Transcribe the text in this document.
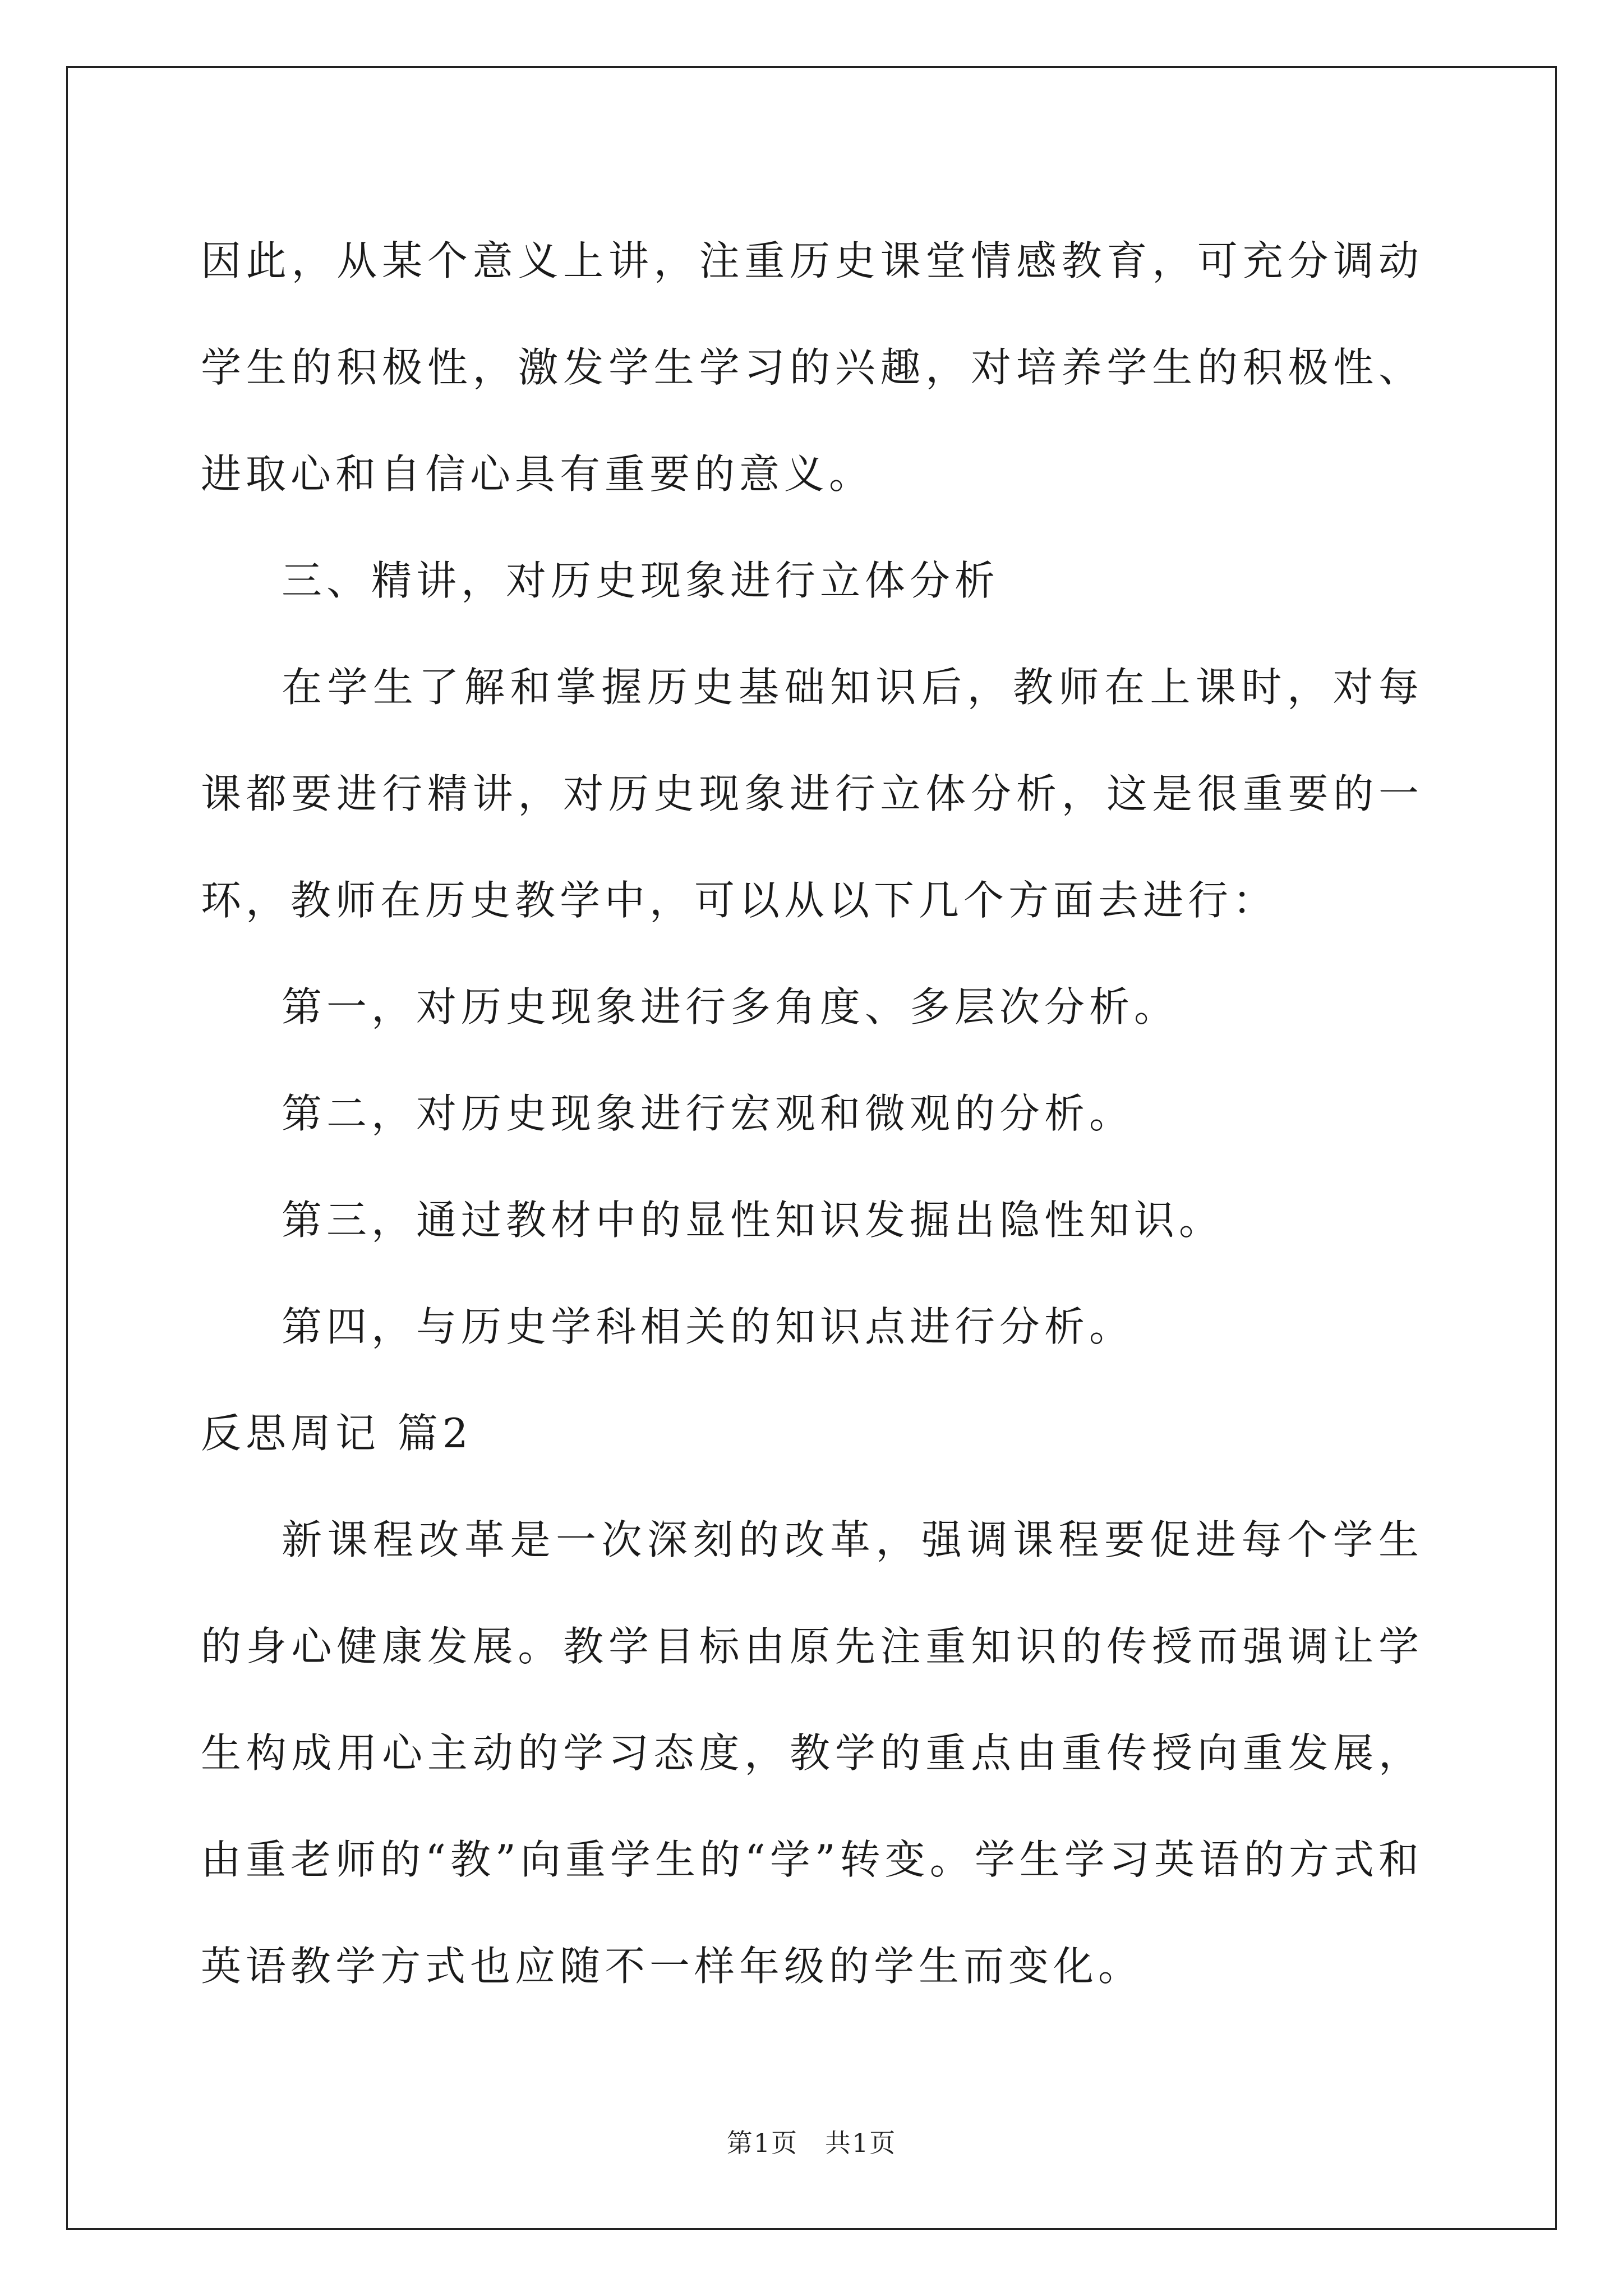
因此，从某个意义上讲，注重历史课堂情感教育，可充分调动学生的积极性，激发学生学习的兴趣，对培养学生的积极性、进取心和自信心具有重要的意义。

三、精讲，对历史现象进行立体分析

在学生了解和掌握历史基础知识后，教师在上课时，对每课都要进行精讲，对历史现象进行立体分析，这是很重要的一环，教师在历史教学中，可以从以下几个方面去进行：

第一，对历史现象进行多角度、多层次分析。

第二，对历史现象进行宏观和微观的分析。

第三，通过教材中的显性知识发掘出隐性知识。

第四，与历史学科相关的知识点进行分析。

反思周记 篇2

新课程改革是一次深刻的改革，强调课程要促进每个学生的身心健康发展。教学目标由原先注重知识的传授而强调让学生构成用心主动的学习态度，教学的重点由重传授向重发展，由重老师的“教”向重学生的“学”转变。学生学习英语的方式和英语教学方式也应随不一样年级的学生而变化。

第1页　共1页
